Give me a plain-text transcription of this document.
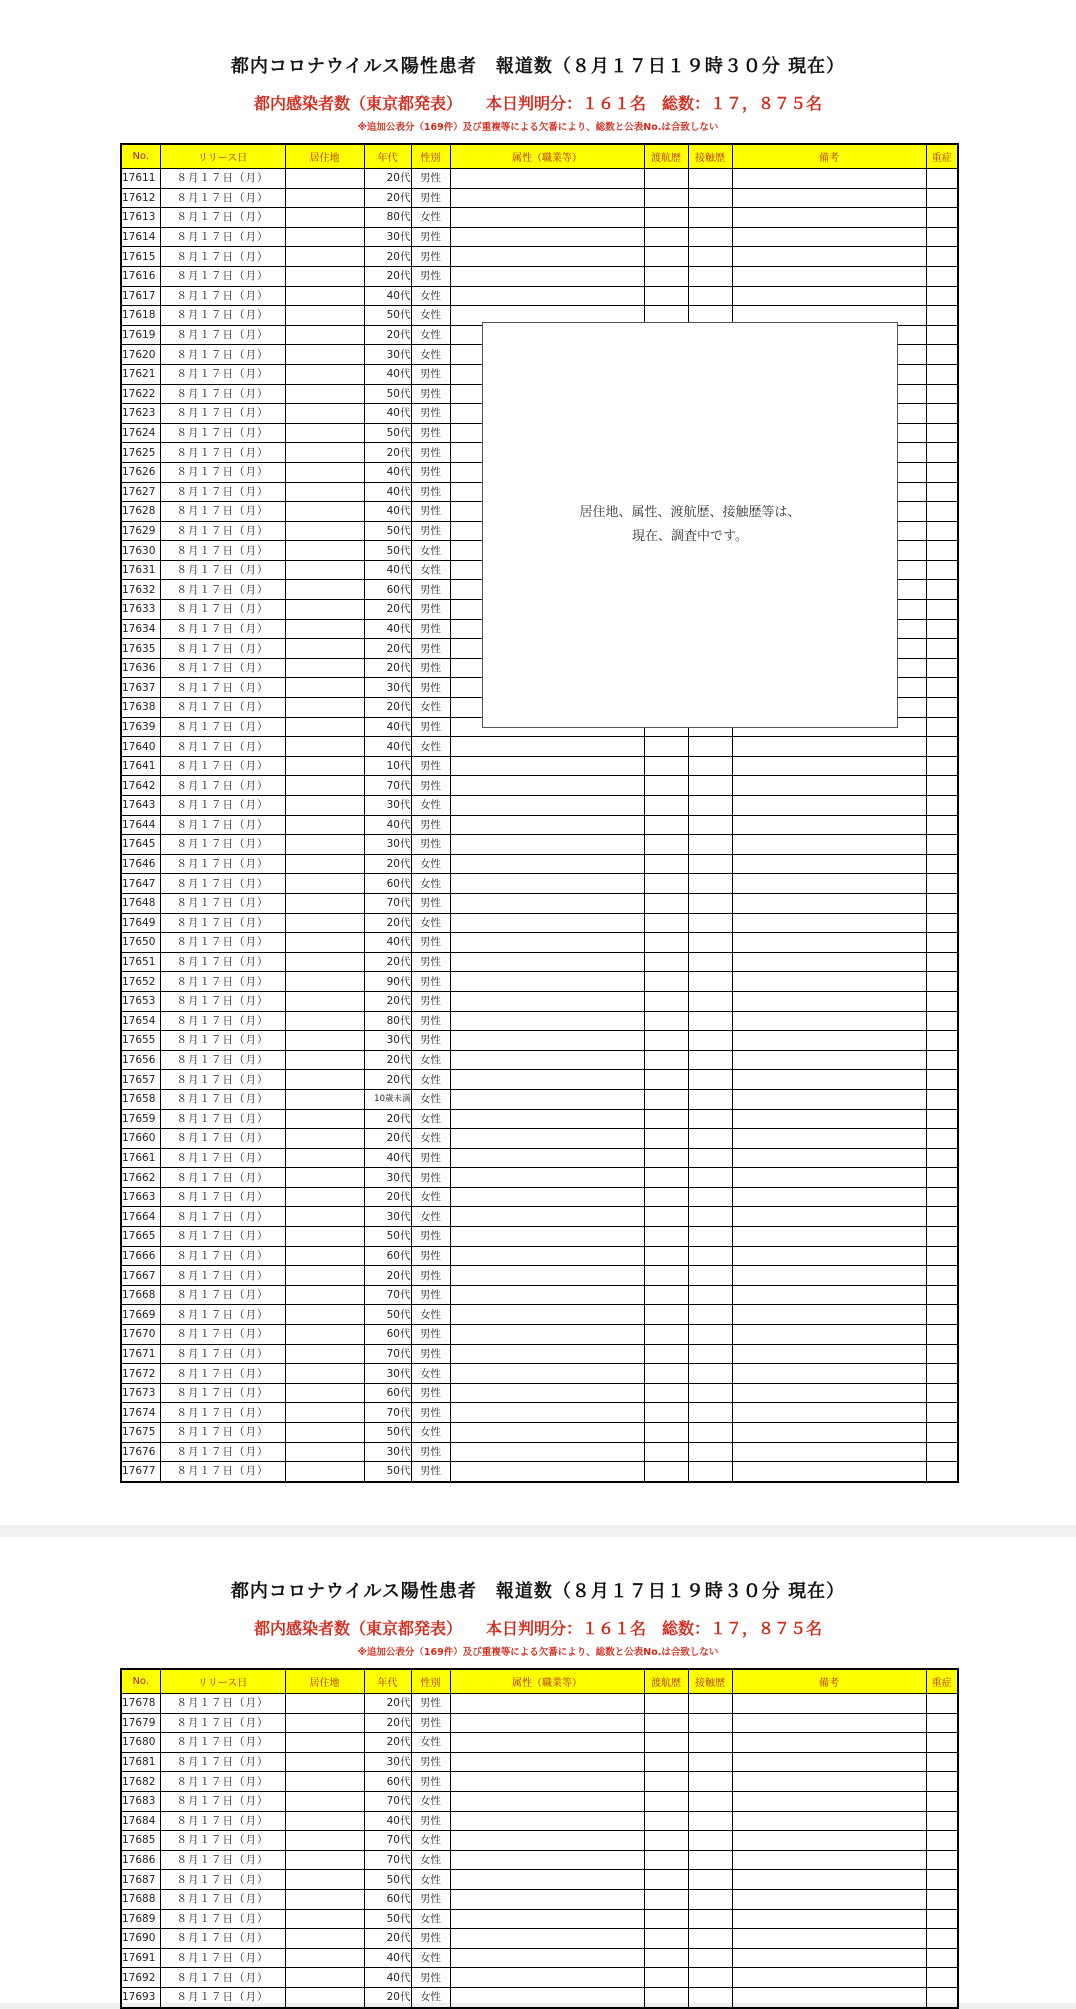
都内コロナウイルス陽性患者　報道数（８月１７日１９時３０分 現在）
都内感染者数（東京都発表）　　本日判明分：１６１名　総数：１７，８７５名
※追加公表分（169件）及び重複等による欠番により、総数と公表No.は合致しない
No.	リリース日	居住地	年代	性別	属性（職業等）	渡航歴	接触歴	備考	重症
17611	８月１７日（月）		20代	男性					
17612	８月１７日（月）		20代	男性					
17613	８月１７日（月）		80代	女性					
17614	８月１７日（月）		30代	男性					
17615	８月１７日（月）		20代	男性					
17616	８月１７日（月）		20代	男性					
17617	８月１７日（月）		40代	女性					
17618	８月１７日（月）		50代	女性					
17619	８月１７日（月）		20代	女性					
17620	８月１７日（月）		30代	女性					
17621	８月１７日（月）		40代	男性					
17622	８月１７日（月）		50代	男性					
17623	８月１７日（月）		40代	男性					
17624	８月１７日（月）		50代	男性					
17625	８月１７日（月）		20代	男性					
17626	８月１７日（月）		40代	男性					
17627	８月１７日（月）		40代	男性					
17628	８月１７日（月）		40代	男性					
17629	８月１７日（月）		50代	男性					
17630	８月１７日（月）		50代	女性					
17631	８月１７日（月）		40代	女性					
17632	８月１７日（月）		60代	男性					
17633	８月１７日（月）		20代	男性					
17634	８月１７日（月）		40代	男性					
17635	８月１７日（月）		20代	男性					
17636	８月１７日（月）		20代	男性					
17637	８月１７日（月）		30代	男性					
17638	８月１７日（月）		20代	女性					
17639	８月１７日（月）		40代	男性					
17640	８月１７日（月）		40代	女性					
17641	８月１７日（月）		10代	男性					
17642	８月１７日（月）		70代	男性					
17643	８月１７日（月）		30代	女性					
17644	８月１７日（月）		40代	男性					
17645	８月１７日（月）		30代	男性					
17646	８月１７日（月）		20代	女性					
17647	８月１７日（月）		60代	女性					
17648	８月１７日（月）		70代	男性					
17649	８月１７日（月）		20代	女性					
17650	８月１７日（月）		40代	男性					
17651	８月１７日（月）		20代	男性					
17652	８月１７日（月）		90代	男性					
17653	８月１７日（月）		20代	男性					
17654	８月１７日（月）		80代	男性					
17655	８月１７日（月）		30代	男性					
17656	８月１７日（月）		20代	女性					
17657	８月１７日（月）		20代	女性					
17658	８月１７日（月）		10歳未満	女性					
17659	８月１７日（月）		20代	女性					
17660	８月１７日（月）		20代	女性					
17661	８月１７日（月）		40代	男性					
17662	８月１７日（月）		30代	男性					
17663	８月１７日（月）		20代	女性					
17664	８月１７日（月）		30代	女性					
17665	８月１７日（月）		50代	男性					
17666	８月１７日（月）		60代	男性					
17667	８月１７日（月）		20代	男性					
17668	８月１７日（月）		70代	男性					
17669	８月１７日（月）		50代	女性					
17670	８月１７日（月）		60代	男性					
17671	８月１７日（月）		70代	男性					
17672	８月１７日（月）		30代	女性					
17673	８月１７日（月）		60代	男性					
17674	８月１７日（月）		70代	男性					
17675	８月１７日（月）		50代	女性					
17676	８月１７日（月）		30代	男性					
17677	８月１７日（月）		50代	男性					
居住地、属性、渡航歴、接触歴等は、
現在、調査中です。
都内コロナウイルス陽性患者　報道数（８月１７日１９時３０分 現在）
都内感染者数（東京都発表）　　本日判明分：１６１名　総数：１７，８７５名
※追加公表分（169件）及び重複等による欠番により、総数と公表No.は合致しない
No.	リリース日	居住地	年代	性別	属性（職業等）	渡航歴	接触歴	備考	重症
17678	８月１７日（月）		20代	男性					
17679	８月１７日（月）		20代	男性					
17680	８月１７日（月）		20代	女性					
17681	８月１７日（月）		30代	男性					
17682	８月１７日（月）		60代	男性					
17683	８月１７日（月）		70代	女性					
17684	８月１７日（月）		40代	男性					
17685	８月１７日（月）		70代	女性					
17686	８月１７日（月）		70代	女性					
17687	８月１７日（月）		50代	女性					
17688	８月１７日（月）		60代	男性					
17689	８月１７日（月）		50代	女性					
17690	８月１７日（月）		20代	男性					
17691	８月１７日（月）		40代	女性					
17692	８月１７日（月）		40代	男性					
17693	８月１７日（月）		20代	女性					
